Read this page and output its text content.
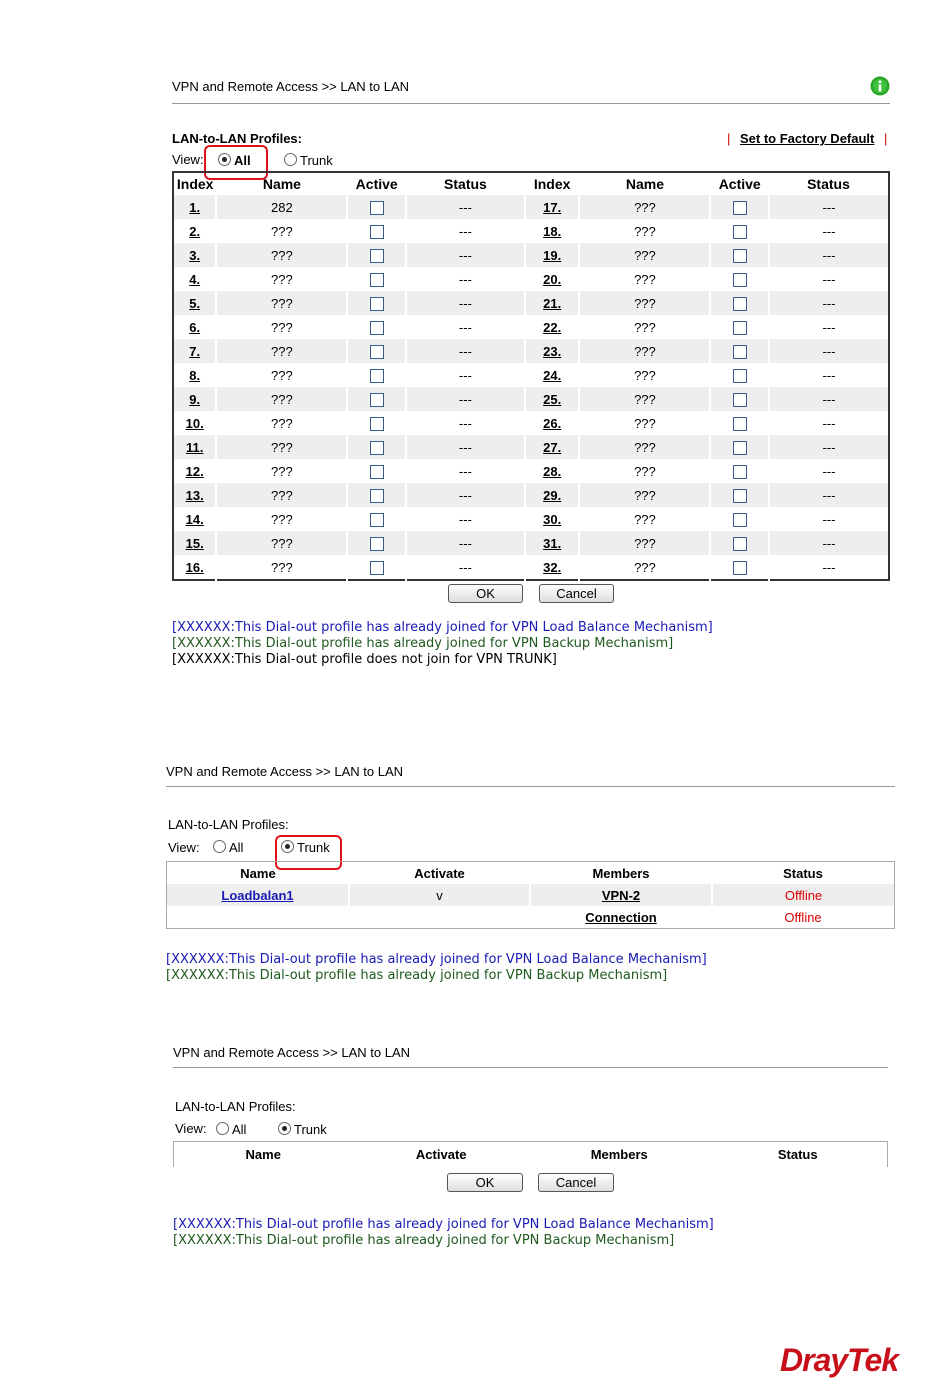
VPN and Remote Access >> LAN to LAN
LAN-to-LAN Profiles:	| Set to Factory Default |
View:	All	Trunk
Index	Name	Active	Status	Index	Name	Active	Status
1.	282		---	17.	???		---
2.	???		---	18.	???		---
3.	???		---	19.	???		---
4.	???		---	20.	???		---
5.	???		---	21.	???		---
6.	???		---	22.	???		---
7.	???		---	23.	???		---
8.	???		---	24.	???		---
9.	???		---	25.	???		---
10.	???		---	26.	???		---
11.	???		---	27.	???		---
12.	???		---	28.	???		---
13.	???		---	29.	???		---
14.	???		---	30.	???		---
15.	???		---	31.	???		---
16.	???		---	32.	???		---
OK	Cancel
[XXXXXX:This Dial-out profile has already joined for VPN Load Balance Mechanism]
[XXXXXX:This Dial-out profile has already joined for VPN Backup Mechanism]
[XXXXXX:This Dial-out profile does not join for VPN TRUNK]
VPN and Remote Access >> LAN to LAN
LAN-to-LAN Profiles:
View:	All	Trunk
Name	Activate	Members	Status
Loadbalan1	v	VPN-2	Offline
		Connection	Offline
[XXXXXX:This Dial-out profile has already joined for VPN Load Balance Mechanism]
[XXXXXX:This Dial-out profile has already joined for VPN Backup Mechanism]
VPN and Remote Access >> LAN to LAN
LAN-to-LAN Profiles:
View:	All	Trunk
Name	Activate	Members	Status
OK	Cancel
[XXXXXX:This Dial-out profile has already joined for VPN Load Balance Mechanism]
[XXXXXX:This Dial-out profile has already joined for VPN Backup Mechanism]
DrayTek
